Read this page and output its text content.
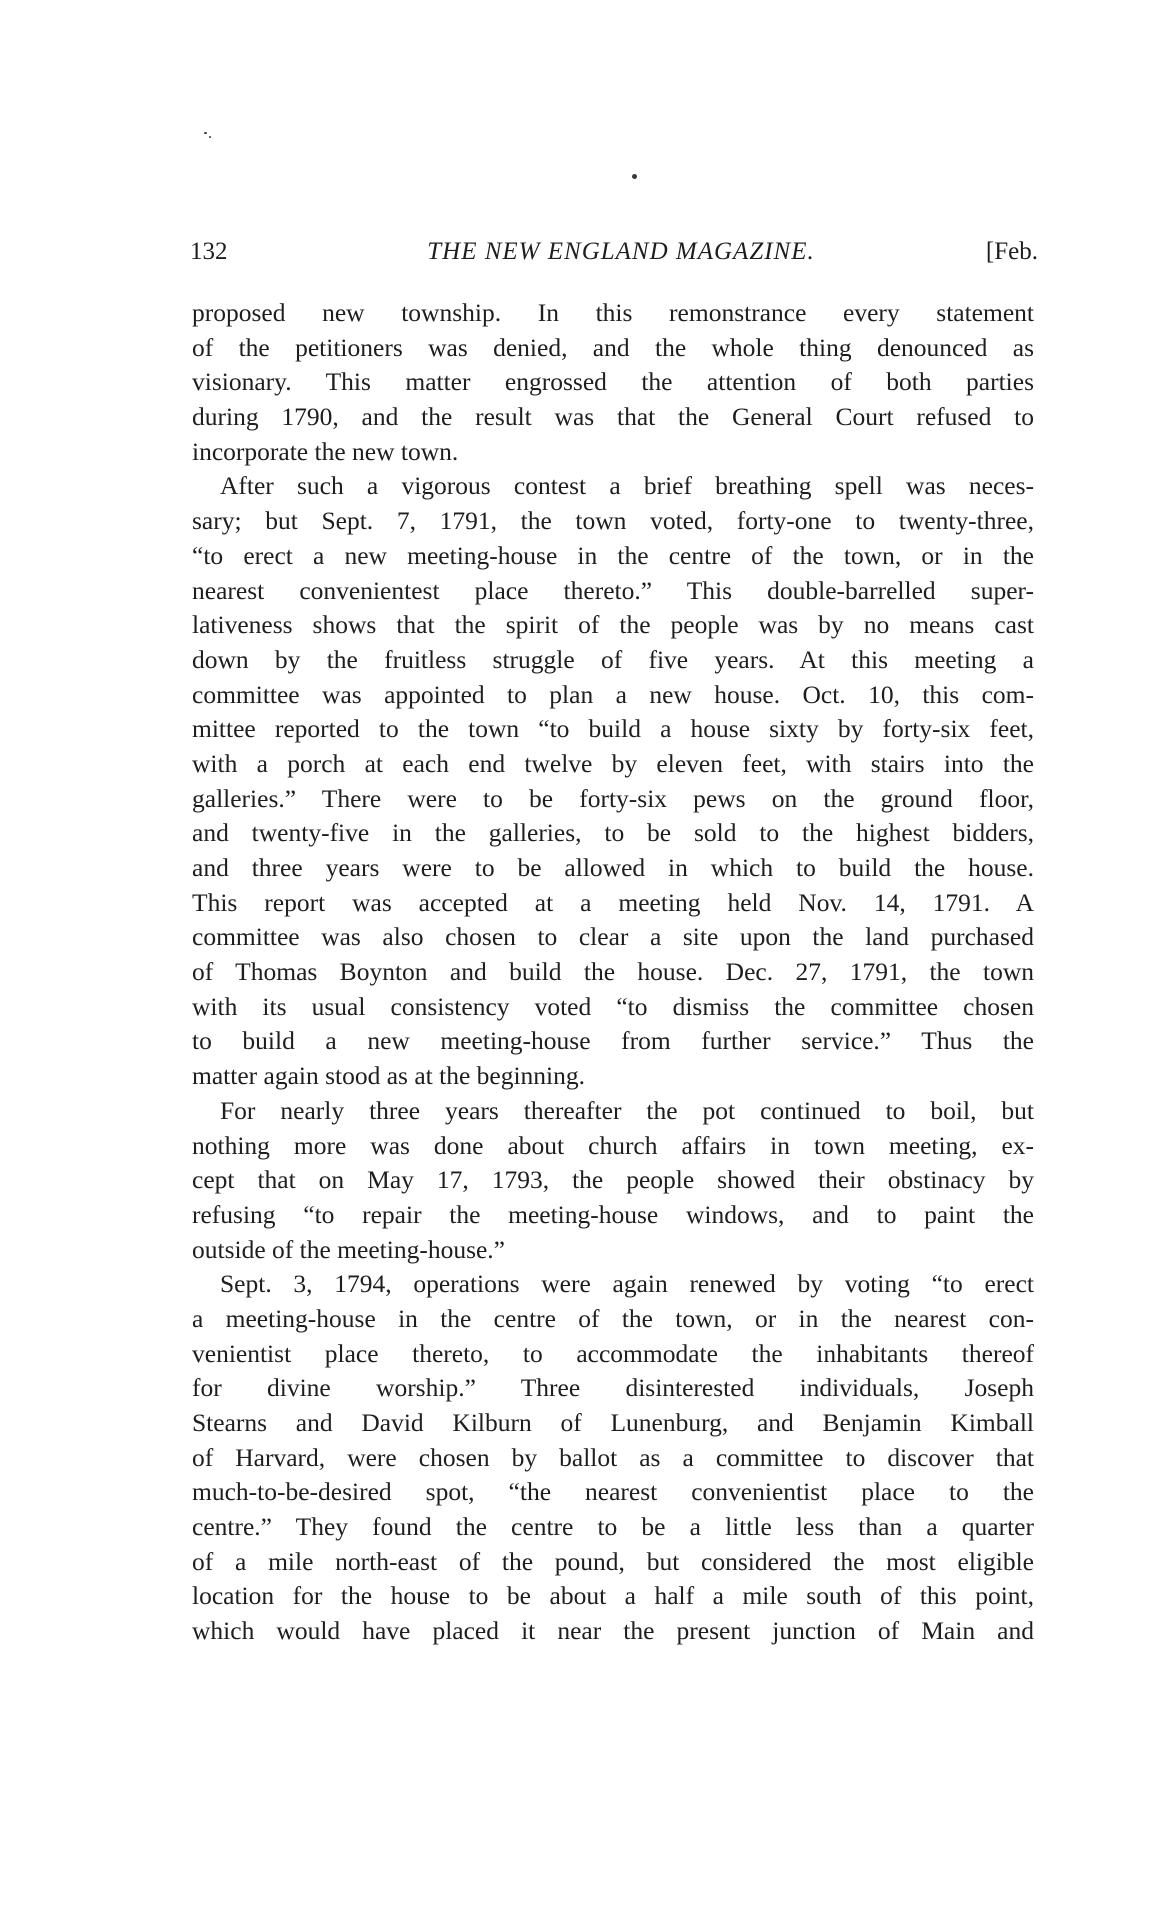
132	THE NEW ENGLAND MAGAZINE.	[Feb.
proposed new township. In this remonstrance every statement
of the petitioners was denied, and the whole thing denounced as
visionary. This matter engrossed the attention of both parties
during 1790, and the result was that the General Court refused to
incorporate the new town.
After such a vigorous contest a brief breathing spell was neces-
sary; but Sept. 7, 1791, the town voted, forty-one to twenty-three,
“to erect a new meeting-house in the centre of the town, or in the
nearest convenientest place thereto.” This double-barrelled super-
lativeness shows that the spirit of the people was by no means cast
down by the fruitless struggle of five years. At this meeting a
committee was appointed to plan a new house. Oct. 10, this com-
mittee reported to the town “to build a house sixty by forty-six feet,
with a porch at each end twelve by eleven feet, with stairs into the
galleries.” There were to be forty-six pews on the ground floor,
and twenty-five in the galleries, to be sold to the highest bidders,
and three years were to be allowed in which to build the house.
This report was accepted at a meeting held Nov. 14, 1791. A
committee was also chosen to clear a site upon the land purchased
of Thomas Boynton and build the house. Dec. 27, 1791, the town
with its usual consistency voted “to dismiss the committee chosen
to build a new meeting-house from further service.” Thus the
matter again stood as at the beginning.
For nearly three years thereafter the pot continued to boil, but
nothing more was done about church affairs in town meeting, ex-
cept that on May 17, 1793, the people showed their obstinacy by
refusing “to repair the meeting-house windows, and to paint the
outside of the meeting-house.”
Sept. 3, 1794, operations were again renewed by voting “to erect
a meeting-house in the centre of the town, or in the nearest con-
venientist place thereto, to accommodate the inhabitants thereof
for divine worship.” Three disinterested individuals, Joseph
Stearns and David Kilburn of Lunenburg, and Benjamin Kimball
of Harvard, were chosen by ballot as a committee to discover that
much-to-be-desired spot, “the nearest convenientist place to the
centre.” They found the centre to be a little less than a quarter
of a mile north-east of the pound, but considered the most eligible
location for the house to be about a half a mile south of this point,
which would have placed it near the present junction of Main and
